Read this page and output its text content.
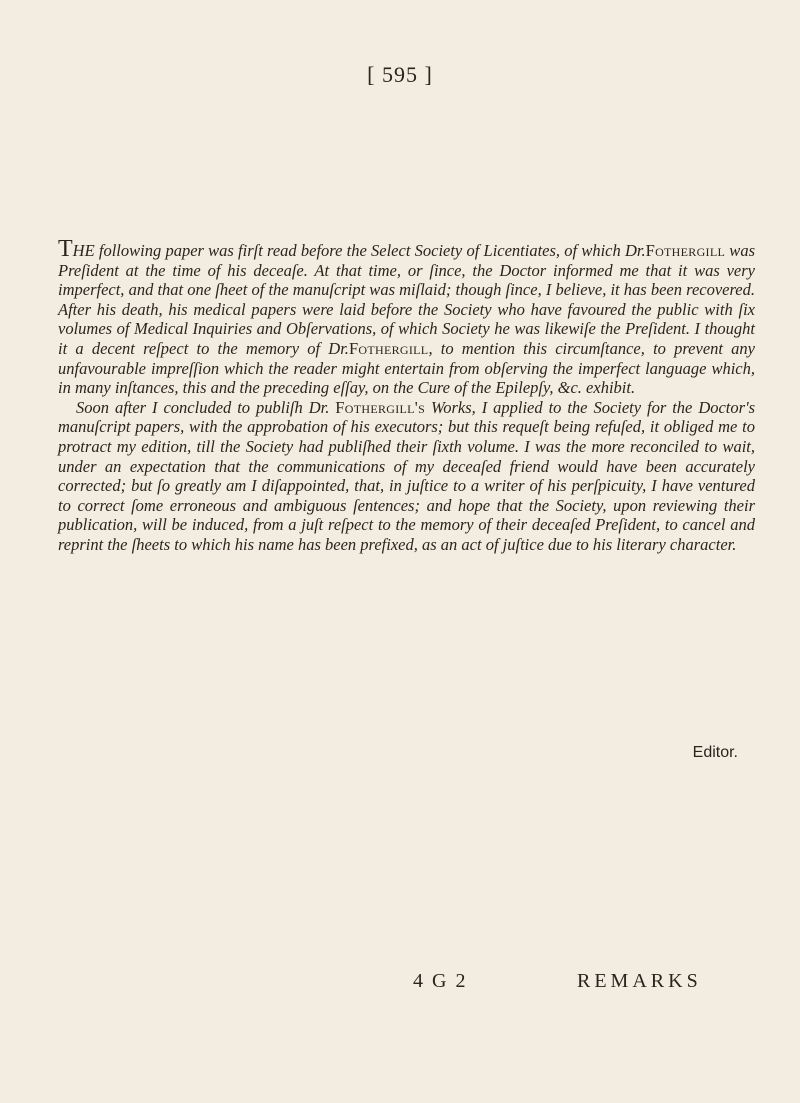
[ 595 ]

THE following paper was firſt read before the Select Society of Licentiates, of which Dr.Fothergill was Preſident at the time of his deceaſe. At that time, or ſince, the Doctor informed me that it was very imperfect, and that one ſheet of the manuſcript was miſlaid; though ſince, I believe, it has been recovered. After his death, his medical papers were laid before the Society who have favoured the public with ſix volumes of Medical Inquiries and Obſervations, of which Society he was likewiſe the Preſident. I thought it a decent reſpect to the memory of Dr.Fothergill, to mention this circumſtance, to prevent any unfavourable impreſſion which the reader might entertain from obſerving the imperfect language which, in many inſtances, this and the preceding eſſay, on the Cure of the Epilepſy, &c. exhibit.

Soon after I concluded to publiſh Dr. Fothergill's Works, I applied to the Society for the Doctor's manuſcript papers, with the approbation of his executors; but this requeſt being refuſed, it obliged me to protract my edition, till the Society had publiſhed their ſixth volume. I was the more reconciled to wait, under an expectation that the communications of my deceaſed friend would have been accurately corrected; but ſo greatly am I diſappointed, that, in juſtice to a writer of his perſpicuity, I have ventured to correct ſome erroneous and ambiguous ſentences; and hope that the Society, upon reviewing their publication, will be induced, from a juſt reſpect to the memory of their deceaſed Preſident, to cancel and reprint the ſheets to which his name has been prefixed, as an act of juſtice due to his literary character.

Editor.
4 G 2	REMARKS
